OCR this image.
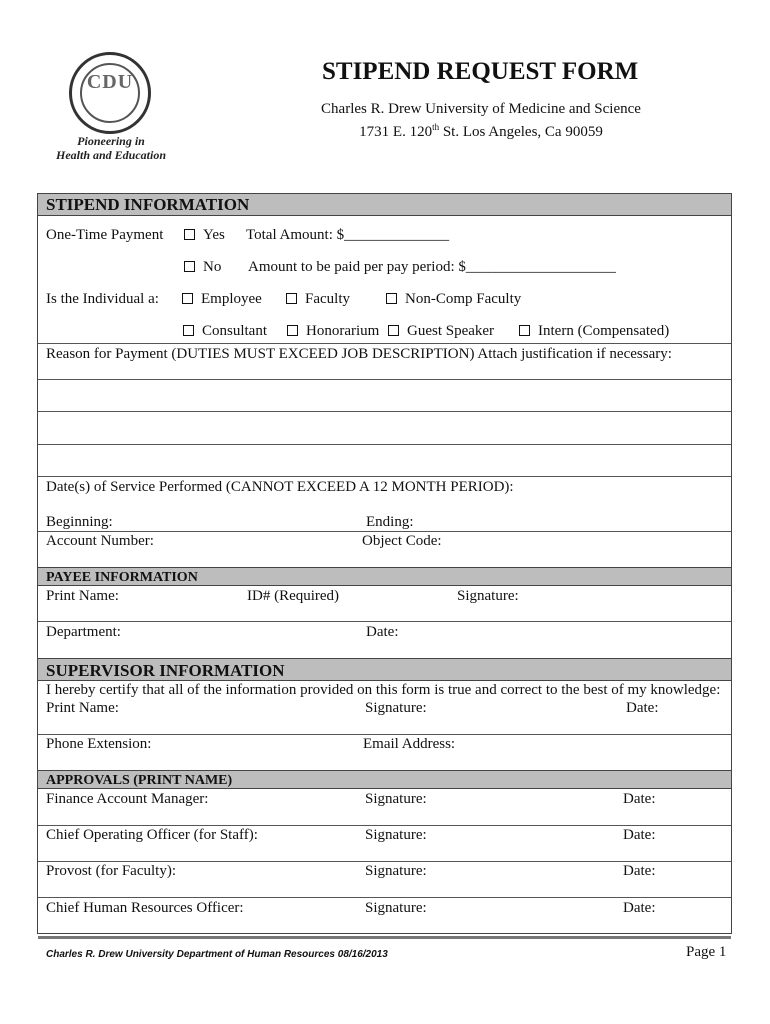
CDU
Pioneering in
Health and Education
STIPEND REQUEST FORM
Charles R. Drew University of Medicine and Science
1731 E. 120th St. Los Angeles, Ca 90059
STIPEND INFORMATION
One-Time Payment	Yes Total Amount: $______________
No Amount to be paid per pay period: $____________________
Is the Individual a:	Employee	Faculty	Non-Comp Faculty
Consultant	Honorarium	Guest Speaker	Intern (Compensated)
Reason for Payment (DUTIES MUST EXCEED JOB DESCRIPTION) Attach justification if necessary:
Date(s) of Service Performed (CANNOT EXCEED A 12 MONTH PERIOD):
Beginning:	Ending:
Account Number:	Object Code:
PAYEE INFORMATION
Print Name:	ID# (Required)	Signature:
Department:	Date:
SUPERVISOR INFORMATION
I hereby certify that all of the information provided on this form is true and correct to the best of my knowledge:
Print Name:	Signature:	Date:
Phone Extension:	Email Address:
APPROVALS (PRINT NAME)
Finance Account Manager:	Signature:	Date:
Chief Operating Officer (for Staff):	Signature:	Date:
Provost (for Faculty):	Signature:	Date:
Chief Human Resources Officer:	Signature:	Date:
Charles R. Drew University Department of Human Resources 08/16/2013	Page 1
